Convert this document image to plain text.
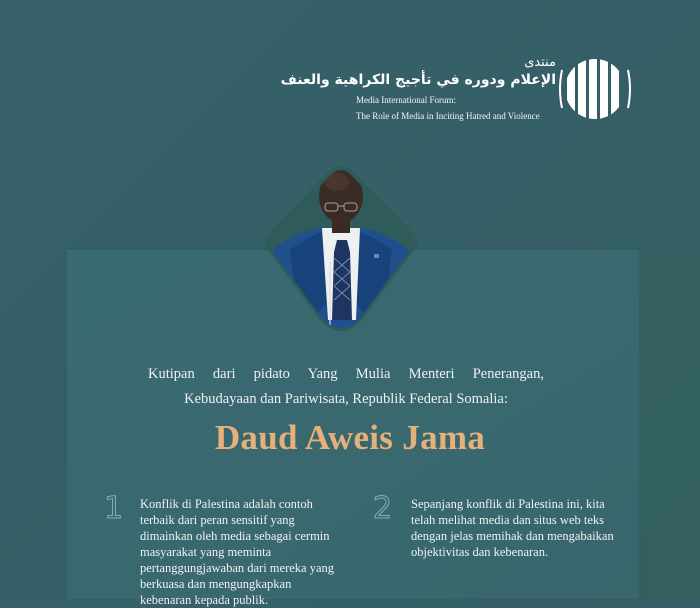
منتدى
الإعلام ودوره في تأجيج الكراهية والعنف
Media International Forum:
The Role of Media in Inciting Hatred and Violence
Kutipan dari pidato Yang Mulia Menteri Penerangan,
Kebudayaan dan Pariwisata, Republik Federal Somalia:
Daud Aweis Jama
1 Konflik di Palestina adalah contoh terbaik dari peran sensitif yang dimainkan oleh media sebagai cermin masyarakat yang meminta pertanggungjawaban dari mereka yang berkuasa dan mengungkapkan kebenaran kepada publik.
2 Sepanjang konflik di Palestina ini, kita telah melihat media dan situs web teks dengan jelas memihak dan mengabaikan objektivitas dan kebenaran.
